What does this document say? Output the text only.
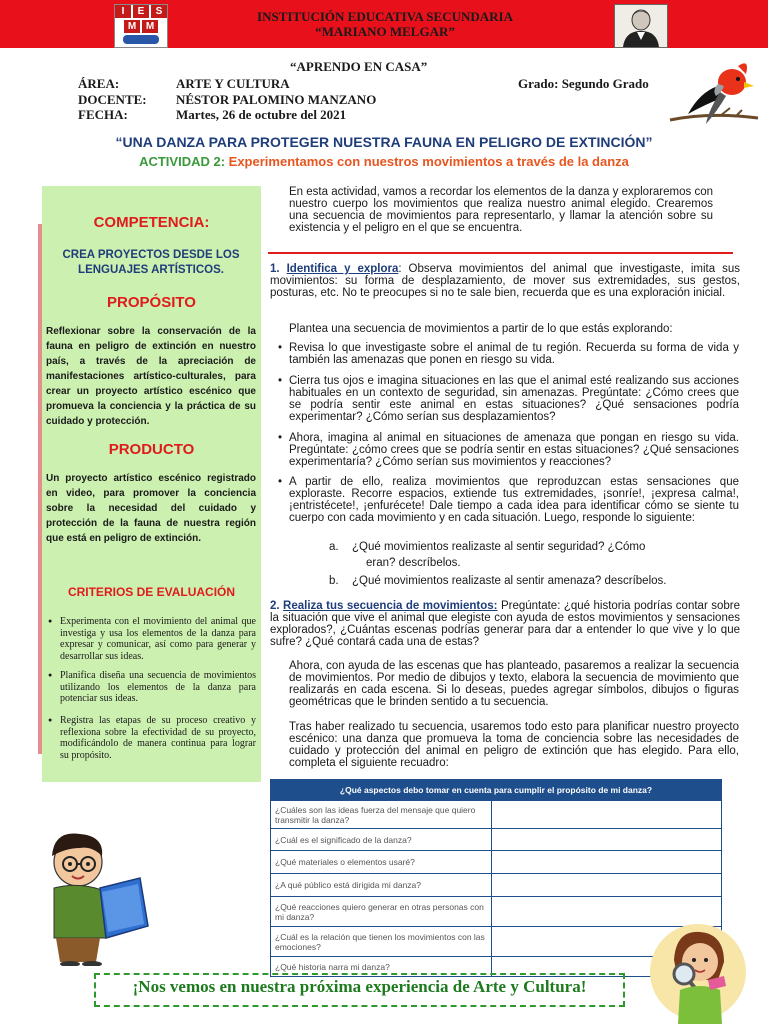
I	E	S
M M
INSTITUCIÓN EDUCATIVA SECUNDARIA
“MARIANO MELGAR”
“APRENDO EN CASA”
ÁREA:	ARTE Y CULTURA
DOCENTE: NÉSTOR PALOMINO MANZANO
FECHA:	Martes, 26 de octubre del 2021
Grado: Segundo Grado
“UNA DANZA PARA PROTEGER NUESTRA FAUNA EN PELIGRO DE EXTINCIÓN”
ACTIVIDAD 2: Experimentamos con nuestros movimientos a través de la danza
COMPETENCIA:
CREA PROYECTOS DESDE LOS LENGUAJES ARTÍSTICOS.
PROPÓSITO
Reflexionar sobre la conservación de la fauna en peligro de extinción en nuestro país, a través de la apreciación de manifestaciones artístico-culturales, para crear un proyecto artístico escénico que promueva la conciencia y la práctica de su cuidado y protección.
PRODUCTO
Un proyecto artístico escénico registrado en video, para promover la conciencia sobre la necesidad del cuidado y protección de la fauna de nuestra región que está en peligro de extinción.
CRITERIOS DE EVALUACIÓN
● Experimenta con el movimiento del animal que investiga y usa los elementos de la danza para expresar y comunicar, así como para generar y desarrollar sus ideas.
● Planifica diseña una secuencia de movimientos utilizando los elementos de la danza para potenciar sus ideas.
● Registra las etapas de su proceso creativo y reflexiona sobre la efectividad de su proyecto, modificándolo de manera continua para lograr su propósito.
En esta actividad, vamos a recordar los elementos de la danza y exploraremos con nuestro cuerpo los movimientos que realiza nuestro animal elegido. Crearemos una secuencia de movimientos para representarlo, y llamar la atención sobre su existencia y el peligro en el que se encuentra.
1. Identifica y explora: Observa movimientos del animal que investigaste, imita sus movimientos: su forma de desplazamiento, de mover sus extremidades, sus gestos, posturas, etc. No te preocupes si no te sale bien, recuerda que es una exploración inicial.
Plantea una secuencia de movimientos a partir de lo que estás explorando:
• Revisa lo que investigaste sobre el animal de tu región. Recuerda su forma de vida y también las amenazas que ponen en riesgo su vida.
• Cierra tus ojos e imagina situaciones en las que el animal esté realizando sus acciones habituales en un contexto de seguridad, sin amenazas. Pregúntate: ¿Cómo crees que se podría sentir este animal en estas situaciones? ¿Qué sensaciones podría experimentar? ¿Cómo serían sus desplazamientos?
• Ahora, imagina al animal en situaciones de amenaza que pongan en riesgo su vida. Pregúntate: ¿cómo crees que se podría sentir en estas situaciones? ¿Qué sensaciones experimentaría? ¿Cómo serían sus movimientos y reacciones?
• A partir de ello, realiza movimientos que reproduzcan estas sensaciones que exploraste. Recorre espacios, extiende tus extremidades, ¡sonríe!, ¡expresa calma!, ¡entristécete!, ¡enfurécete! Dale tiempo a cada idea para identificar cómo se siente tu cuerpo con cada movimiento y en cada situación. Luego, responde lo siguiente:
a. ¿Qué movimientos realizaste al sentir seguridad? ¿Cómo
eran? descríbelos.
b. ¿Qué movimientos realizaste al sentir amenaza? descríbelos.
2. Realiza tus secuencia de movimientos: Pregúntate: ¿qué historia podrías contar sobre la situación que vive el animal que elegiste con ayuda de estos movimientos y sensaciones explorados?, ¿Cuántas escenas podrías generar para dar a entender lo que vive y lo que sufre? ¿Qué contará cada una de estas?
Ahora, con ayuda de las escenas que has planteado, pasaremos a realizar la secuencia de movimientos. Por medio de dibujos y texto, elabora la secuencia de movimiento que realizarás en cada escena. Si lo deseas, puedes agregar símbolos, dibujos o figuras geométricas que le brinden sentido a tu secuencia.
Tras haber realizado tu secuencia, usaremos todo esto para planificar nuestro proyecto escénico: una danza que promueva la toma de conciencia sobre las necesidades de cuidado y protección del animal en peligro de extinción que has elegido. Para ello, completa el siguiente recuadro:
¿Qué aspectos debo tomar en cuenta para cumplir el propósito de mi danza?	
¿Cuáles son las ideas fuerza del mensaje que quiero transmitir la danza?	
¿Cuál es el significado de la danza?	
¿Qué materiales o elementos usaré?	
¿A qué público está dirigida mi danza?	
¿Qué reacciones quiero generar en otras personas con mi danza?	
¿Cuál es la relación que tienen los movimientos con las emociones?	
¿Qué historia narra mi danza?	
¡Nos vemos en nuestra próxima experiencia de Arte y Cultura!
